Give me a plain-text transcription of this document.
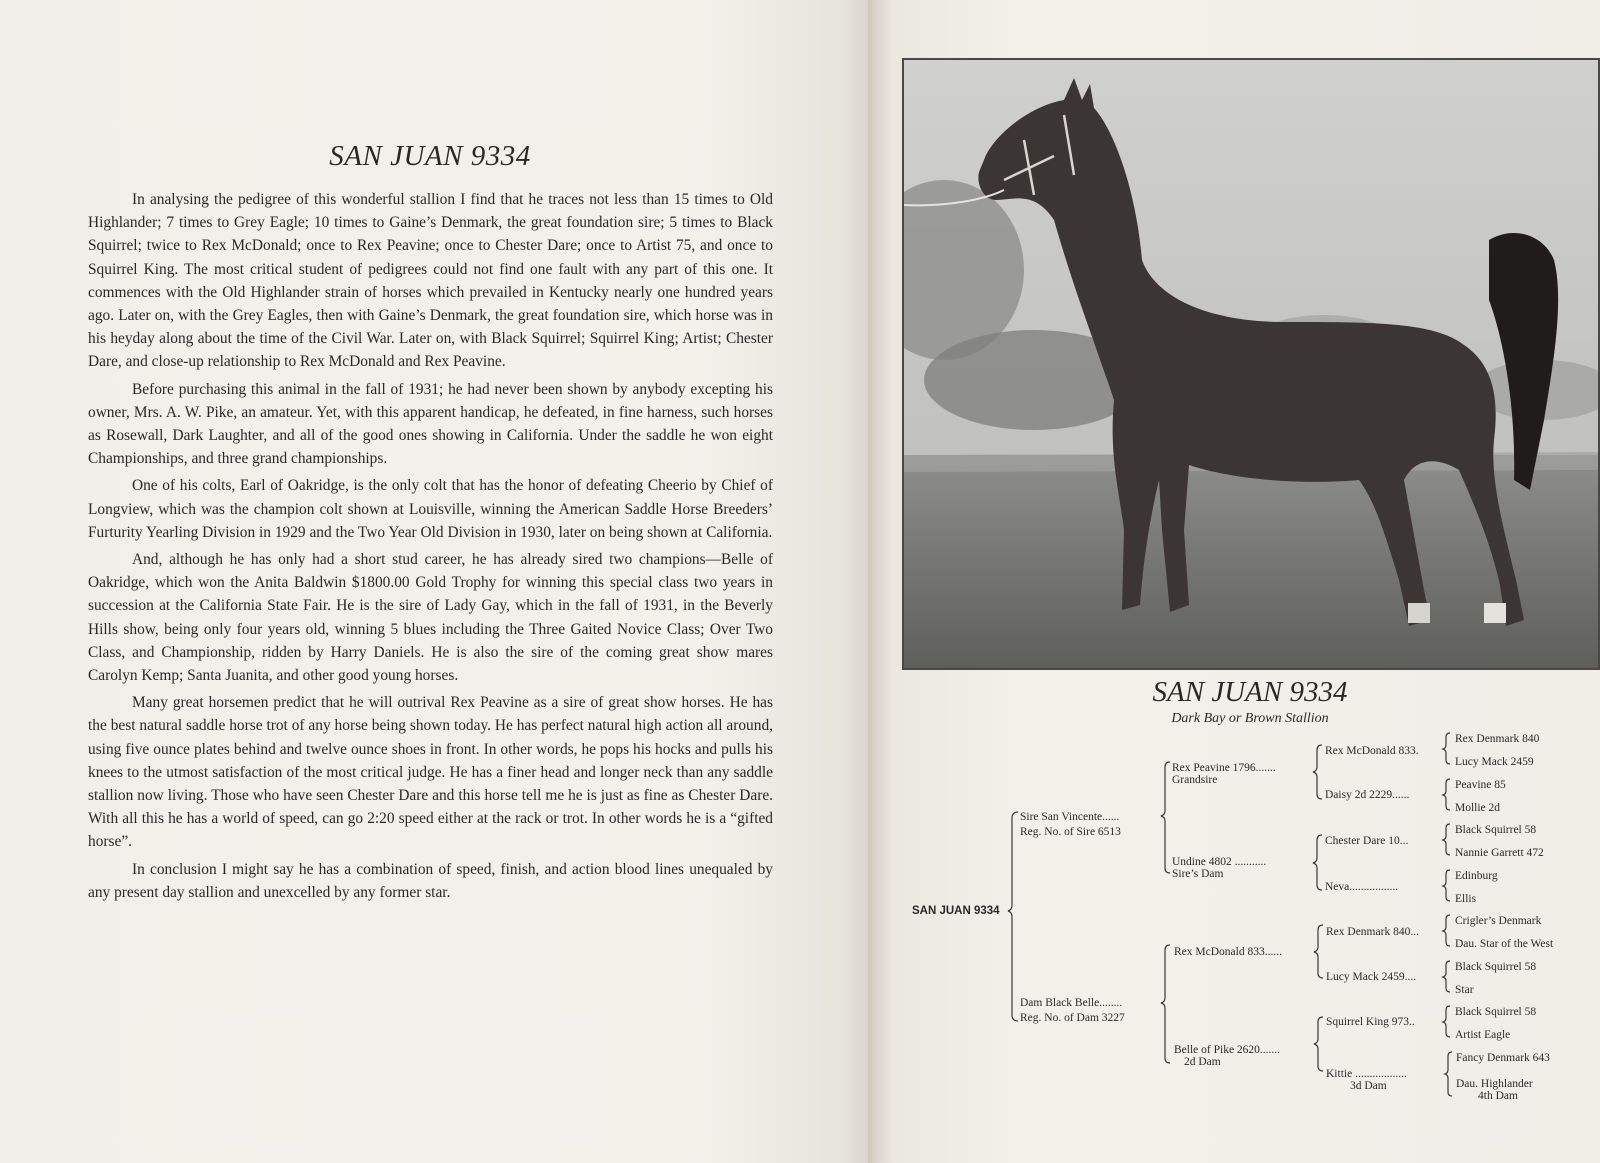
SAN JUAN 9334

In analysing the pedigree of this wonderful stallion I find that he traces not less than 15 times to Old Highlander; 7 times to Grey Eagle; 10 times to Gaine’s Denmark, the great foundation sire; 5 times to Black Squirrel; twice to Rex McDonald; once to Rex Peavine; once to Chester Dare; once to Artist 75, and once to Squirrel King. The most critical student of pedigrees could not find one fault with any part of this one. It commences with the Old Highlander strain of horses which prevailed in Kentucky nearly one hundred years ago. Later on, with the Grey Eagles, then with Gaine’s Denmark, the great foundation sire, which horse was in his heyday along about the time of the Civil War. Later on, with Black Squirrel; Squirrel King; Artist; Chester Dare, and close-up relationship to Rex McDonald and Rex Peavine.

Before purchasing this animal in the fall of 1931; he had never been shown by anybody excepting his owner, Mrs. A. W. Pike, an amateur. Yet, with this apparent handicap, he defeated, in fine harness, such horses as Rosewall, Dark Laughter, and all of the good ones showing in California. Under the saddle he won eight Championships, and three grand championships.

One of his colts, Earl of Oakridge, is the only colt that has the honor of defeating Cheerio by Chief of Longview, which was the champion colt shown at Louisville, winning the American Saddle Horse Breeders’ Furturity Yearling Division in 1929 and the Two Year Old Division in 1930, later on being shown at California.

And, although he has only had a short stud career, he has already sired two champions—Belle of Oakridge, which won the Anita Baldwin $1800.00 Gold Trophy for winning this special class two years in succession at the California State Fair. He is the sire of Lady Gay, which in the fall of 1931, in the Beverly Hills show, being only four years old, winning 5 blues including the Three Gaited Novice Class; Over Two Class, and Championship, ridden by Harry Daniels. He is also the sire of the coming great show mares Carolyn Kemp; Santa Juanita, and other good young horses.

Many great horsemen predict that he will outrival Rex Peavine as a sire of great show horses. He has the best natural saddle horse trot of any horse being shown today. He has perfect natural high action all around, using five ounce plates behind and twelve ounce shoes in front. In other words, he pops his hocks and pulls his knees to the utmost satisfaction of the most critical judge. He has a finer head and longer neck than any saddle stallion now living. Those who have seen Chester Dare and this horse tell me he is just as fine as Chester Dare. With all this he has a world of speed, can go 2:20 speed either at the rack or trot. In other words he is a “gifted horse”.

In conclusion I might say he has a combination of speed, finish, and action blood lines unequaled by any present day stallion and unexcelled by any former star.

SAN JUAN 9334
Dark Bay or Brown Stallion
SAN JUAN 9334
Sire San Vincente......
Reg. No. of Sire 6513
Dam Black Belle........
Reg. No. of Dam 3227
Rex Peavine 1796.......
Grandsire
Undine 4802 ...........
Sire’s Dam
Rex McDonald 833......
Belle of Pike 2620.......
2d Dam
Rex McDonald 833.
Daisy 2d 2229......
Chester Dare 10...
Neva.................
Rex Denmark 840...
Lucy Mack 2459....
Squirrel King 973..
Kittie ..................
3d Dam
Rex Denmark 840
Lucy Mack 2459
Peavine 85
Mollie 2d
Black Squirrel 58
Nannie Garrett 472
Edinburg
Ellis
Crigler’s Denmark
Dau. Star of the West
Black Squirrel 58
Star
Black Squirrel 58
Artist Eagle
Fancy Denmark 643
Dau. Highlander
4th Dam
